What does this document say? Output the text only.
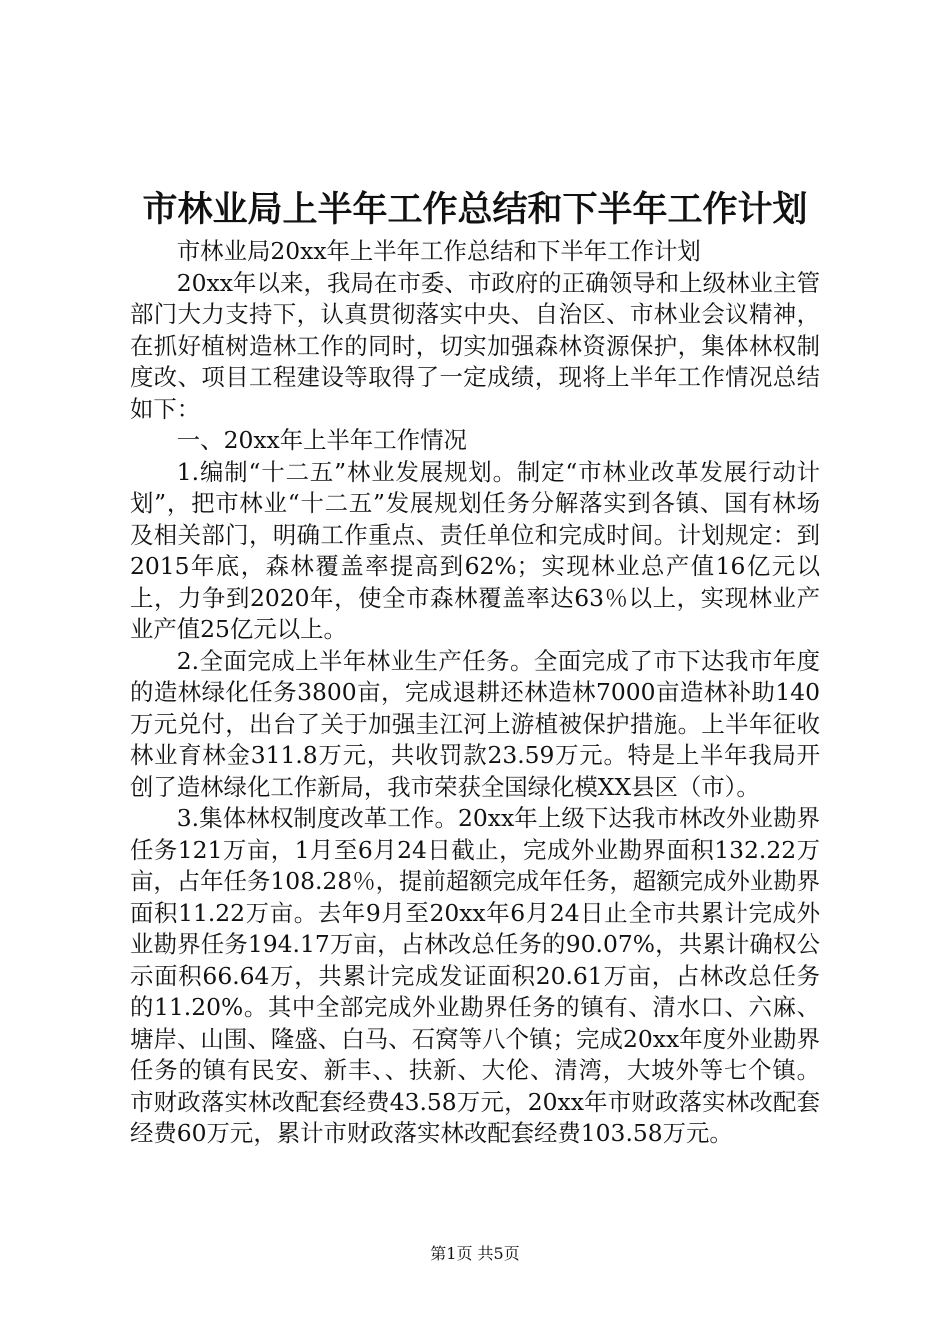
市林业局上半年工作总结和下半年工作计划

市林业局20xx年上半年工作总结和下半年工作计划

20xx年以来，我局在市委、市政府的正确领导和上级林业主管部门大力支持下，认真贯彻落实中央、自治区、市林业会议精神，在抓好植树造林工作的同时，切实加强森林资源保护，集体林权制度改、项目工程建设等取得了一定成绩，现将上半年工作情况总结如下：

一、20xx年上半年工作情况

1.编制“十二五”林业发展规划。制定“市林业改革发展行动计划”，把市林业“十二五”发展规划任务分解落实到各镇、国有林场及相关部门，明确工作重点、责任单位和完成时间。计划规定：到2015年底，森林覆盖率提高到62%；实现林业总产值16亿元以上，力争到2020年，使全市森林覆盖率达63％以上，实现林业产业产值25亿元以上。

2.全面完成上半年林业生产任务。全面完成了市下达我市年度的造林绿化任务3800亩，完成退耕还林造林7000亩造林补助140万元兑付，出台了关于加强圭江河上游植被保护措施。上半年征收林业育林金311.8万元，共收罚款23.59万元。特是上半年我局开创了造林绿化工作新局，我市荣获全国绿化模XX县区（市）。

3.集体林权制度改革工作。20xx年上级下达我市林改外业勘界任务121万亩，1月至6月24日截止，完成外业勘界面积132.22万亩，占年任务108.28％，提前超额完成年任务，超额完成外业勘界面积11.22万亩。去年9月至20xx年6月24日止全市共累计完成外业勘界任务194.17万亩，占林改总任务的90.07%，共累计确权公示面积66.64万，共累计完成发证面积20.61万亩，占林改总任务的11.20%。其中全部完成外业勘界任务的镇有、清水口、六麻、塘岸、山围、隆盛、白马、石窝等八个镇；完成20xx年度外业勘界任务的镇有民安、新丰、、扶新、大伦、清湾，大坡外等七个镇。市财政落实林改配套经费43.58万元，20xx年市财政落实林改配套经费60万元，累计市财政落实林改配套经费103.58万元。

第1页 共5页
